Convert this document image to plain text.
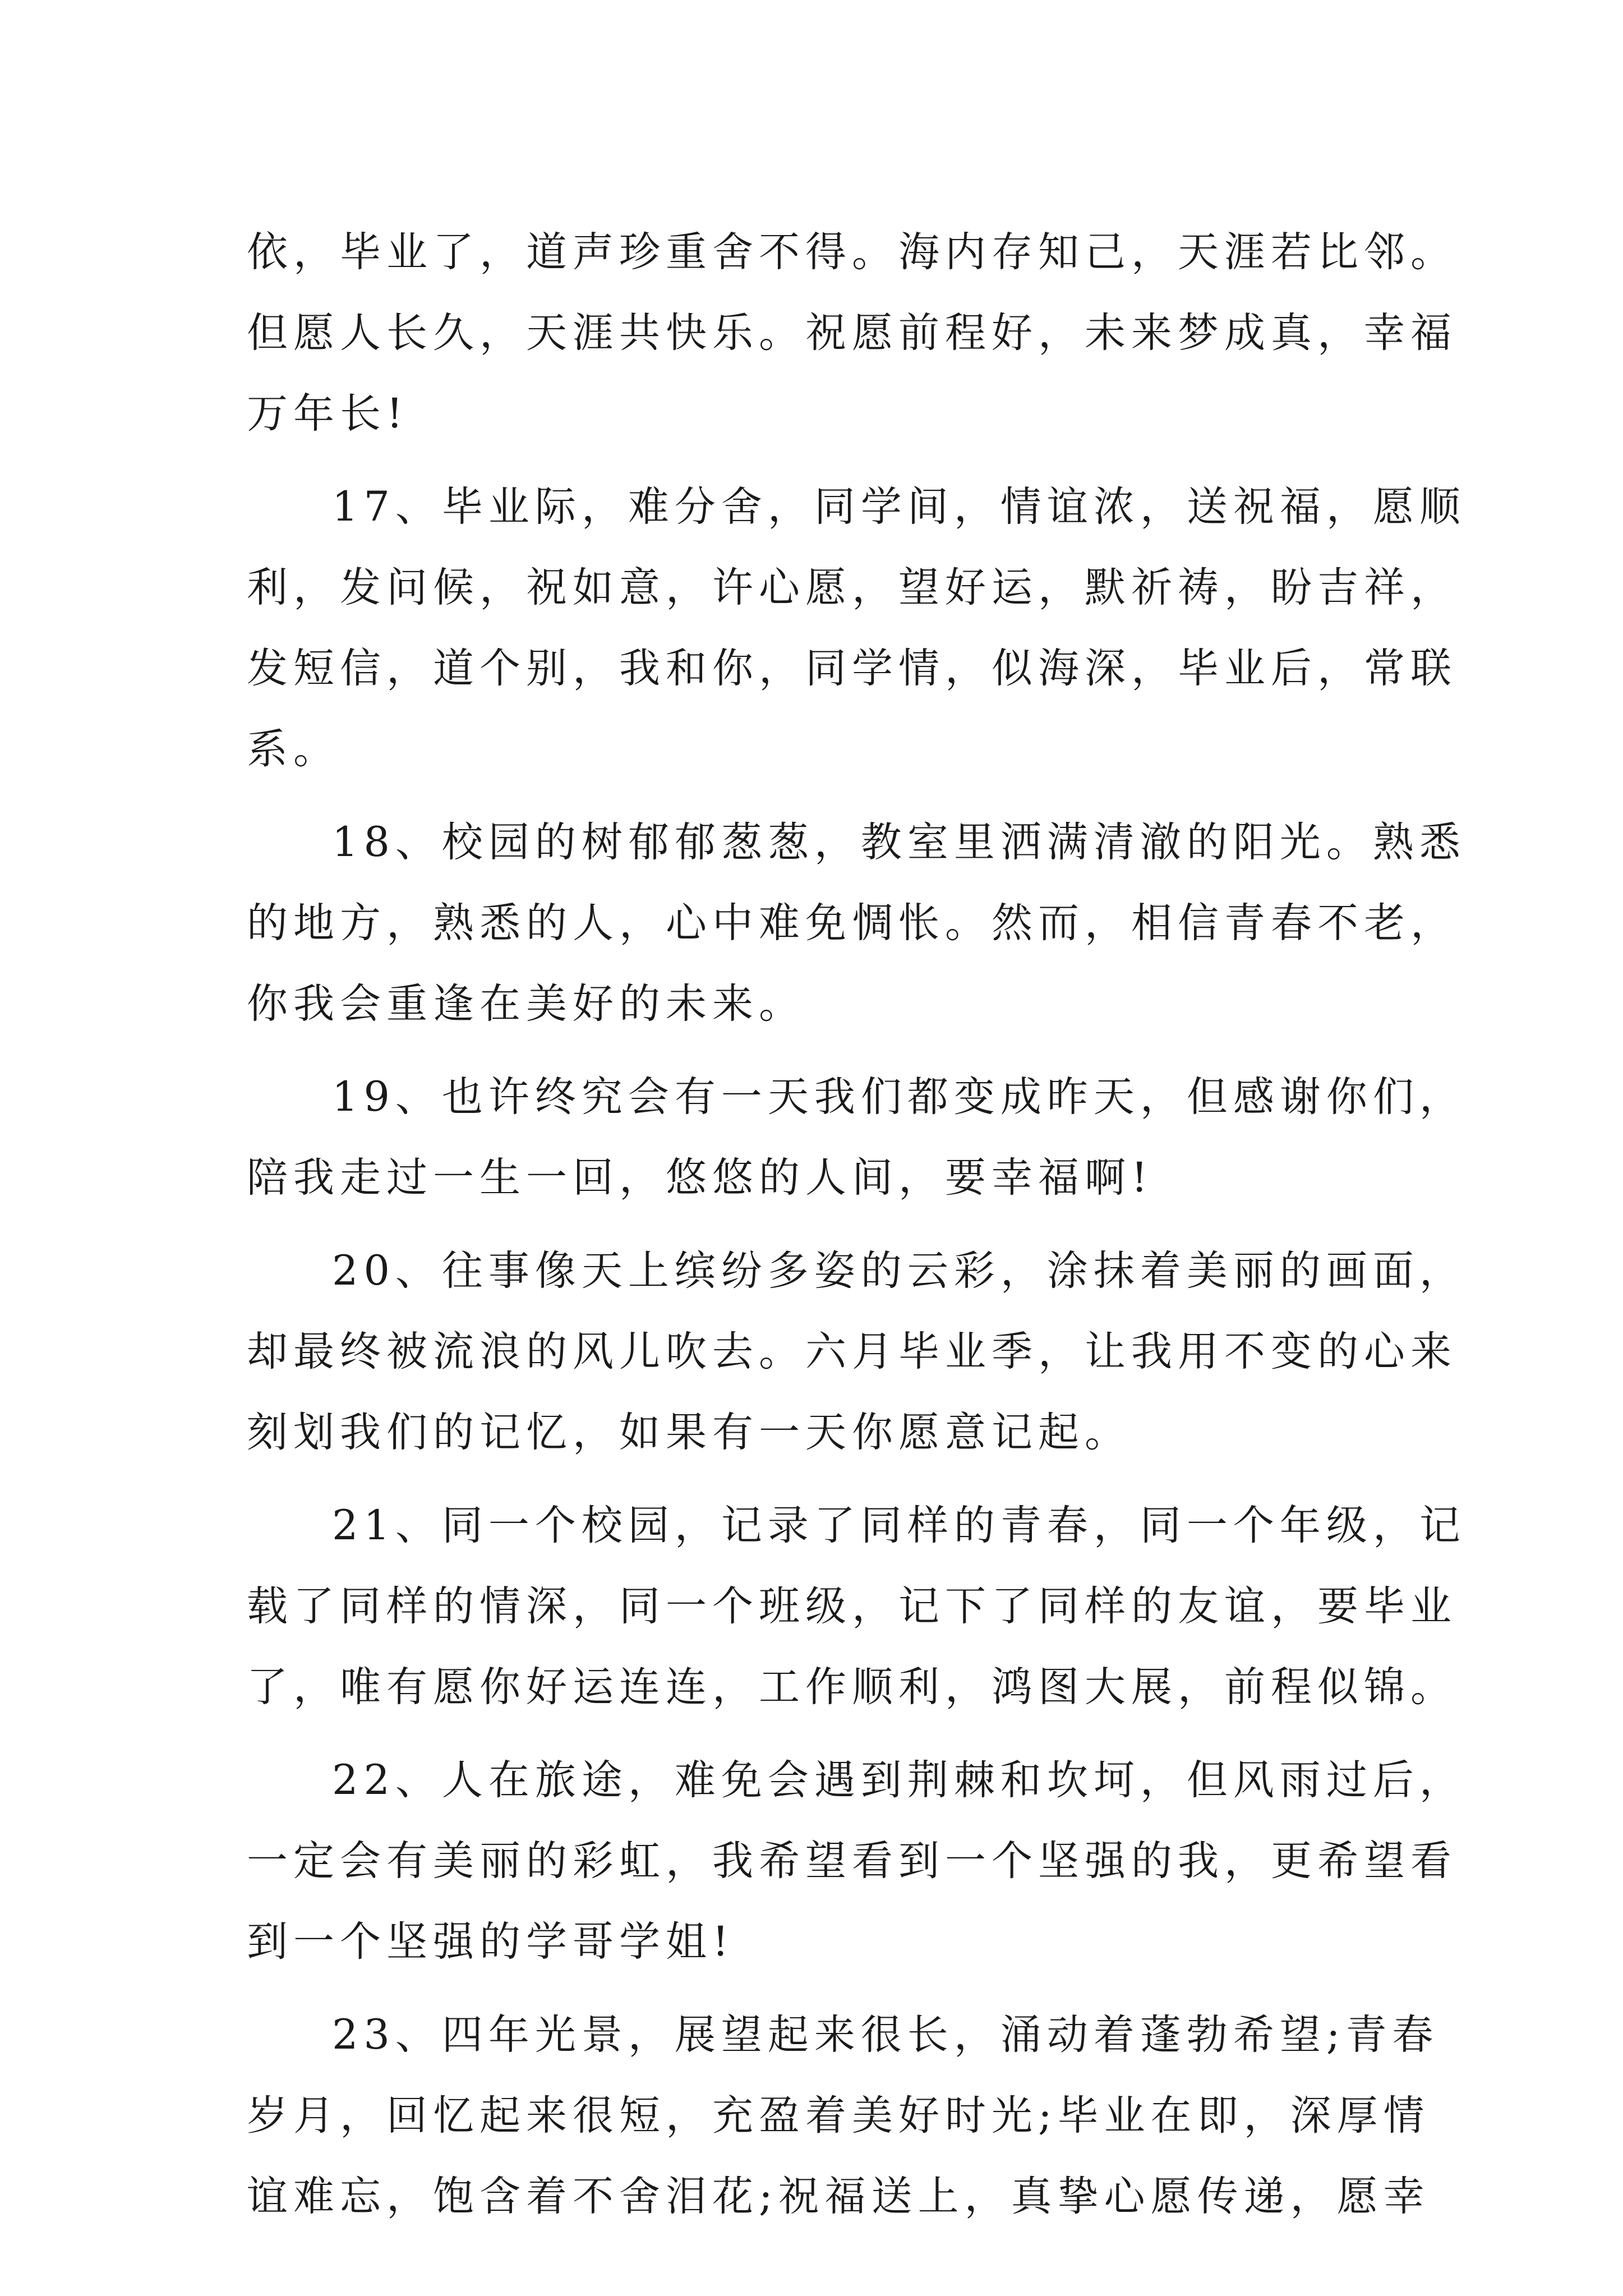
依，毕业了，道声珍重舍不得。海内存知己，天涯若比邻。
但愿人长久，天涯共快乐。祝愿前程好，未来梦成真，幸福
万年长!
17、毕业际，难分舍，同学间，情谊浓，送祝福，愿顺
利，发问候，祝如意，许心愿，望好运，默祈祷，盼吉祥，
发短信，道个别，我和你，同学情，似海深，毕业后，常联
系。
18、校园的树郁郁葱葱，教室里洒满清澈的阳光。熟悉
的地方，熟悉的人，心中难免惆怅。然而，相信青春不老，
你我会重逢在美好的未来。
19、也许终究会有一天我们都变成昨天，但感谢你们，
陪我走过一生一回，悠悠的人间，要幸福啊!
20、往事像天上缤纷多姿的云彩，涂抹着美丽的画面，
却最终被流浪的风儿吹去。六月毕业季，让我用不变的心来
刻划我们的记忆，如果有一天你愿意记起。
21、同一个校园，记录了同样的青春，同一个年级，记
载了同样的情深，同一个班级，记下了同样的友谊，要毕业
了，唯有愿你好运连连，工作顺利，鸿图大展，前程似锦。
22、人在旅途，难免会遇到荆棘和坎坷，但风雨过后，
一定会有美丽的彩虹，我希望看到一个坚强的我，更希望看
到一个坚强的学哥学姐!
23、四年光景，展望起来很长，涌动着蓬勃希望;青春
岁月，回忆起来很短，充盈着美好时光;毕业在即，深厚情
谊难忘，饱含着不舍泪花;祝福送上，真挚心愿传递，愿幸
